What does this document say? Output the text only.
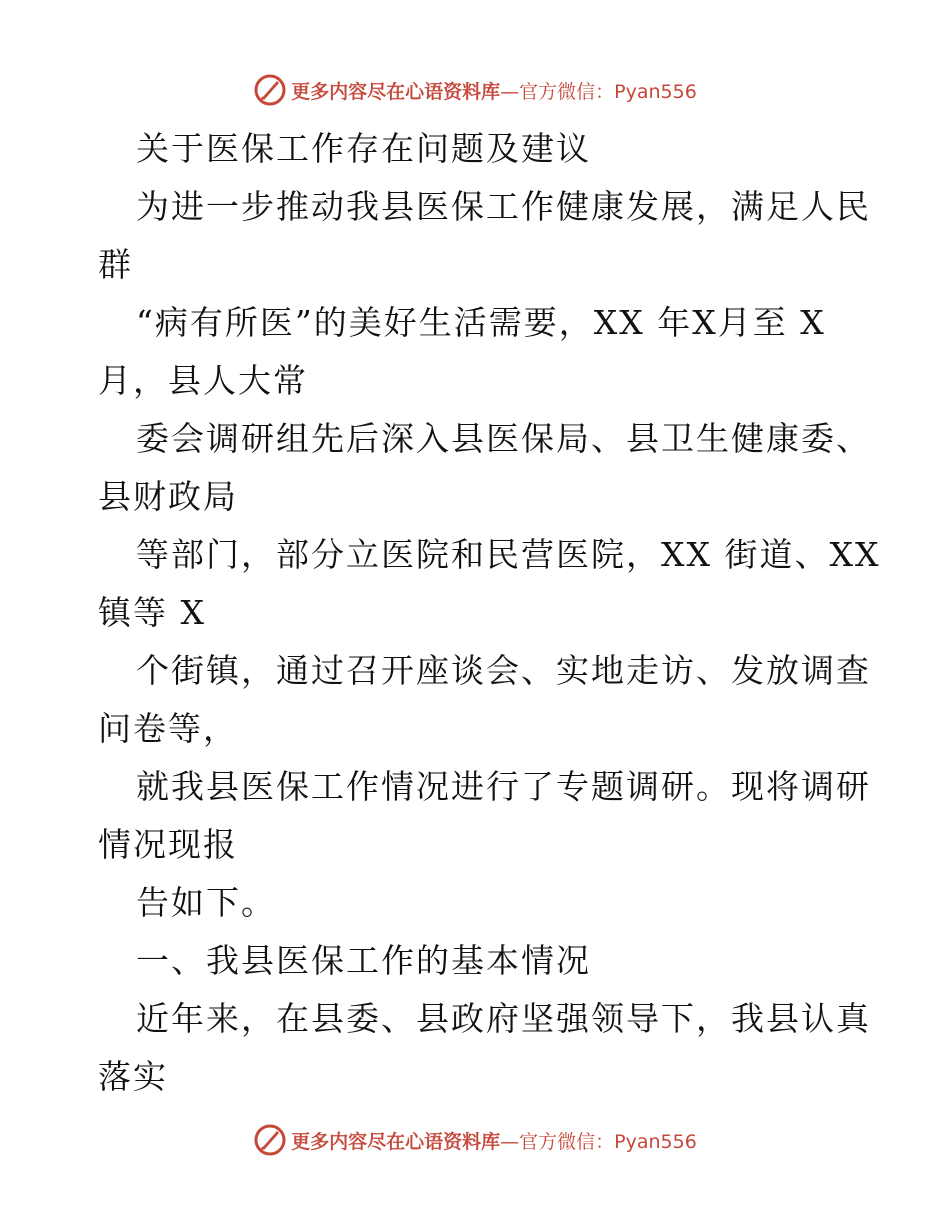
更多内容尽在心语资料库—官方微信：Pyan556
关于医保工作存在问题及建议
为进一步推动我县医保工作健康发展，满足人民
群
“病有所医”的美好生活需要，XX 年X月至 X
月，县人大常
委会调研组先后深入县医保局、县卫生健康委、
县财政局
等部门，部分立医院和民营医院，XX 街道、XX
镇等 X
个街镇，通过召开座谈会、实地走访、发放调查
问卷等，
就我县医保工作情况进行了专题调研。现将调研
情况现报
告如下。
一、我县医保工作的基本情况
近年来，在县委、县政府坚强领导下，我县认真
落实
更多内容尽在心语资料库—官方微信：Pyan556
